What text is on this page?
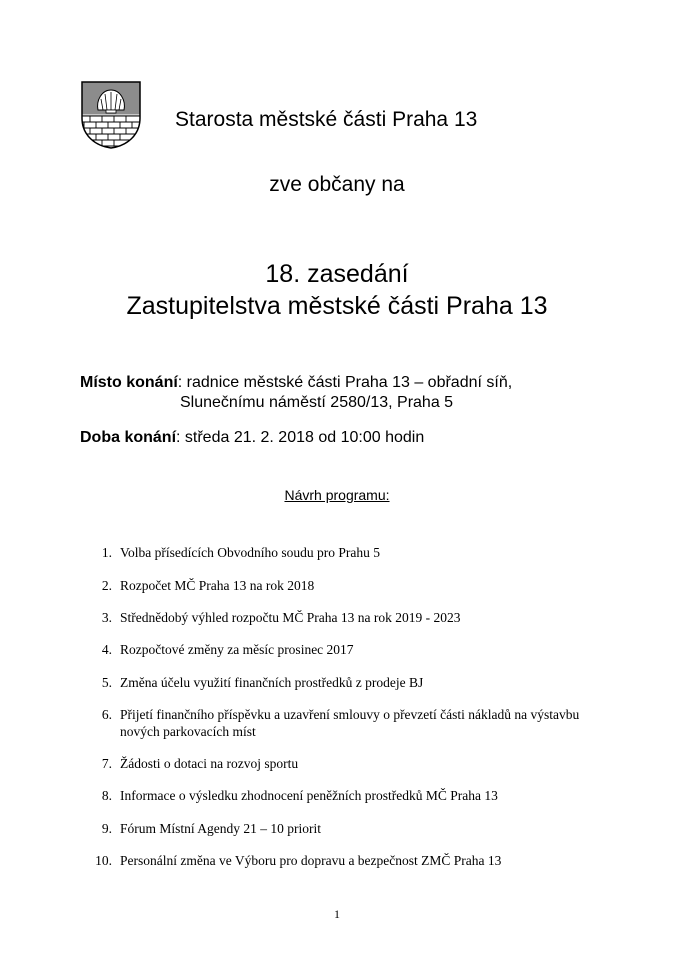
Starosta městské části Praha 13
zve občany na
18. zasedání
Zastupitelstva městské části Praha 13
Místo konání: radnice městské části Praha 13 – obřadní síň,
Slunečnímu náměstí 2580/13, Praha 5
Doba konání: středa 21. 2. 2018 od 10:00 hodin
Návrh programu:
1. Volba přísedících Obvodního soudu pro Prahu 5
2. Rozpočet MČ Praha 13 na rok 2018
3. Střednědobý výhled rozpočtu MČ Praha 13 na rok 2019 - 2023
4. Rozpočtové změny za měsíc prosinec 2017
5. Změna účelu využití finančních prostředků z prodeje BJ
6. Přijetí finančního příspěvku a uzavření smlouvy o převzetí části nákladů na výstavbu nových parkovacích míst
7. Žádosti o dotaci na rozvoj sportu
8. Informace o výsledku zhodnocení peněžních prostředků MČ Praha 13
9. Fórum Místní Agendy 21 – 10 priorit
10. Personální změna ve Výboru pro dopravu a bezpečnost ZMČ Praha 13
1
